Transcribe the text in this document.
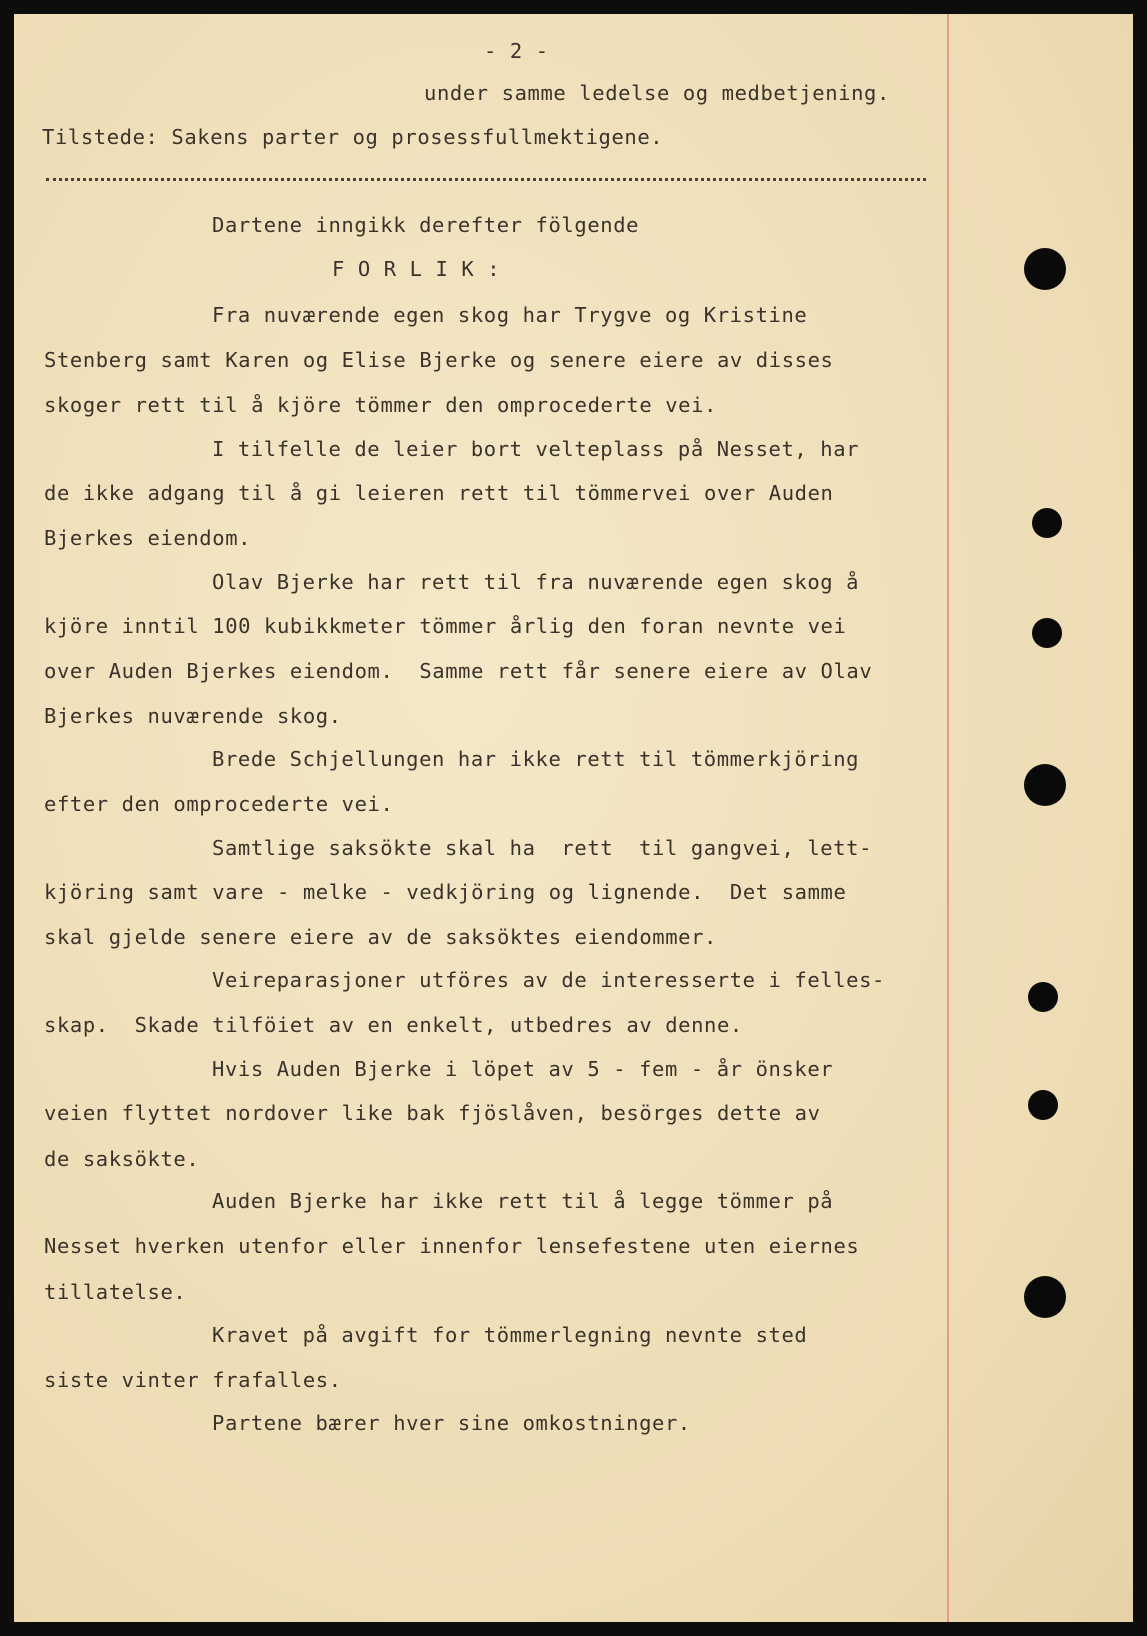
- 2 -
under samme ledelse og medbetjening.
Tilstede: Sakens parter og prosessfullmektigene.
Dartene inngikk derefter fölgende
F O R L I K :
Fra nuværende egen skog har Trygve og Kristine
Stenberg samt Karen og Elise Bjerke og senere eiere av disses
skoger rett til å kjöre tömmer den omprocederte vei.
I tilfelle de leier bort velteplass på Nesset, har
de ikke adgang til å gi leieren rett til tömmervei over Auden
Bjerkes eiendom.
Olav Bjerke har rett til fra nuværende egen skog å
kjöre inntil 100 kubikkmeter tömmer årlig den foran nevnte vei
over Auden Bjerkes eiendom.  Samme rett får senere eiere av Olav
Bjerkes nuværende skog.
Brede Schjellungen har ikke rett til tömmerkjöring
efter den omprocederte vei.
Samtlige saksökte skal ha  rett  til gangvei, lett-
kjöring samt vare - melke - vedkjöring og lignende.  Det samme
skal gjelde senere eiere av de saksöktes eiendommer.
Veireparasjoner utföres av de interesserte i felles-
skap.  Skade tilföiet av en enkelt, utbedres av denne.
Hvis Auden Bjerke i löpet av 5 - fem - år önsker
veien flyttet nordover like bak fjöslåven, besörges dette av
de saksökte.
Auden Bjerke har ikke rett til å legge tömmer på
Nesset hverken utenfor eller innenfor lensefestene uten eiernes
tillatelse.
Kravet på avgift for tömmerlegning nevnte sted
siste vinter frafalles.
Partene bærer hver sine omkostninger.
